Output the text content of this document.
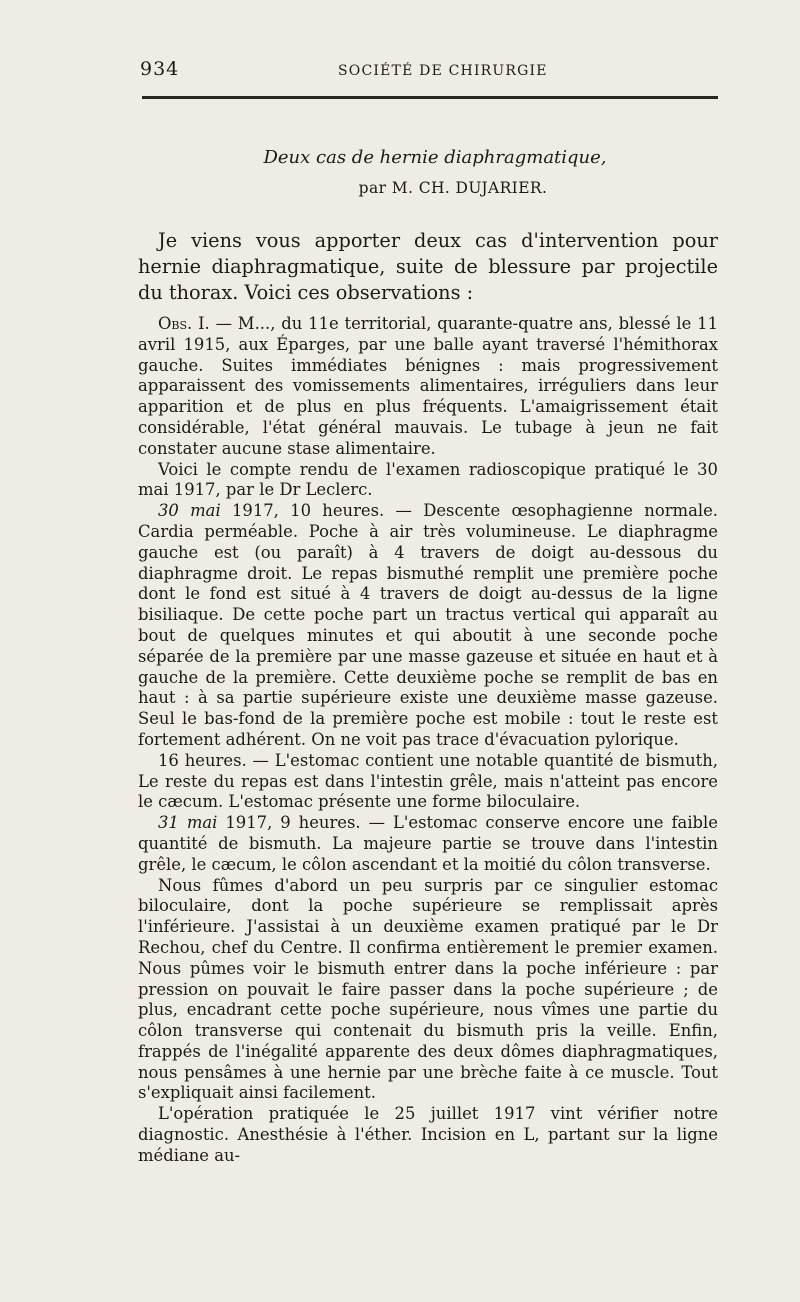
934	SOCIÉTÉ DE CHIRURGIE
Deux cas de hernie diaphragmatique,
par M. CH. DUJARIER.
Je viens vous apporter deux cas d'intervention pour hernie diaphragmatique, suite de blessure par projectile du thorax. Voici ces observations :

Obs. I. — M..., du 11e territorial, quarante-quatre ans, blessé le 11 avril 1915, aux Éparges, par une balle ayant traversé l'hémithorax gauche. Suites immédiates bénignes : mais progressivement apparaissent des vomissements alimentaires, irréguliers dans leur apparition et de plus en plus fréquents. L'amaigrissement était considérable, l'état général mauvais. Le tubage à jeun ne fait constater aucune stase alimentaire.

Voici le compte rendu de l'examen radioscopique pratiqué le 30 mai 1917, par le Dr Leclerc.

30 mai 1917, 10 heures. — Descente œsophagienne normale. Cardia perméable. Poche à air très volumineuse. Le diaphragme gauche est (ou paraît) à 4 travers de doigt au-dessous du diaphragme droit. Le repas bismuthé remplit une première poche dont le fond est situé à 4 travers de doigt au-dessus de la ligne bisiliaque. De cette poche part un tractus vertical qui apparaît au bout de quelques minutes et qui aboutit à une seconde poche séparée de la première par une masse gazeuse et située en haut et à gauche de la première. Cette deuxième poche se remplit de bas en haut : à sa partie supérieure existe une deuxième masse gazeuse. Seul le bas-fond de la première poche est mobile : tout le reste est fortement adhérent. On ne voit pas trace d'évacuation pylorique.

16 heures. — L'estomac contient une notable quantité de bismuth, Le reste du repas est dans l'intestin grêle, mais n'atteint pas encore le cæcum. L'estomac présente une forme biloculaire.

31 mai 1917, 9 heures. — L'estomac conserve encore une faible quantité de bismuth. La majeure partie se trouve dans l'intestin grêle, le cæcum, le côlon ascendant et la moitié du côlon transverse.

Nous fûmes d'abord un peu surpris par ce singulier estomac biloculaire, dont la poche supérieure se remplissait après l'inférieure. J'assistai à un deuxième examen pratiqué par le Dr Rechou, chef du Centre. Il confirma entièrement le premier examen. Nous pûmes voir le bismuth entrer dans la poche inférieure : par pression on pouvait le faire passer dans la poche supérieure ; de plus, encadrant cette poche supérieure, nous vîmes une partie du côlon transverse qui contenait du bismuth pris la veille. Enfin, frappés de l'inégalité apparente des deux dômes diaphragmatiques, nous pensâmes à une hernie par une brèche faite à ce muscle. Tout s'expliquait ainsi facilement.

L'opération pratiquée le 25 juillet 1917 vint vérifier notre diagnostic. Anesthésie à l'éther. Incision en L, partant sur la ligne médiane au-
